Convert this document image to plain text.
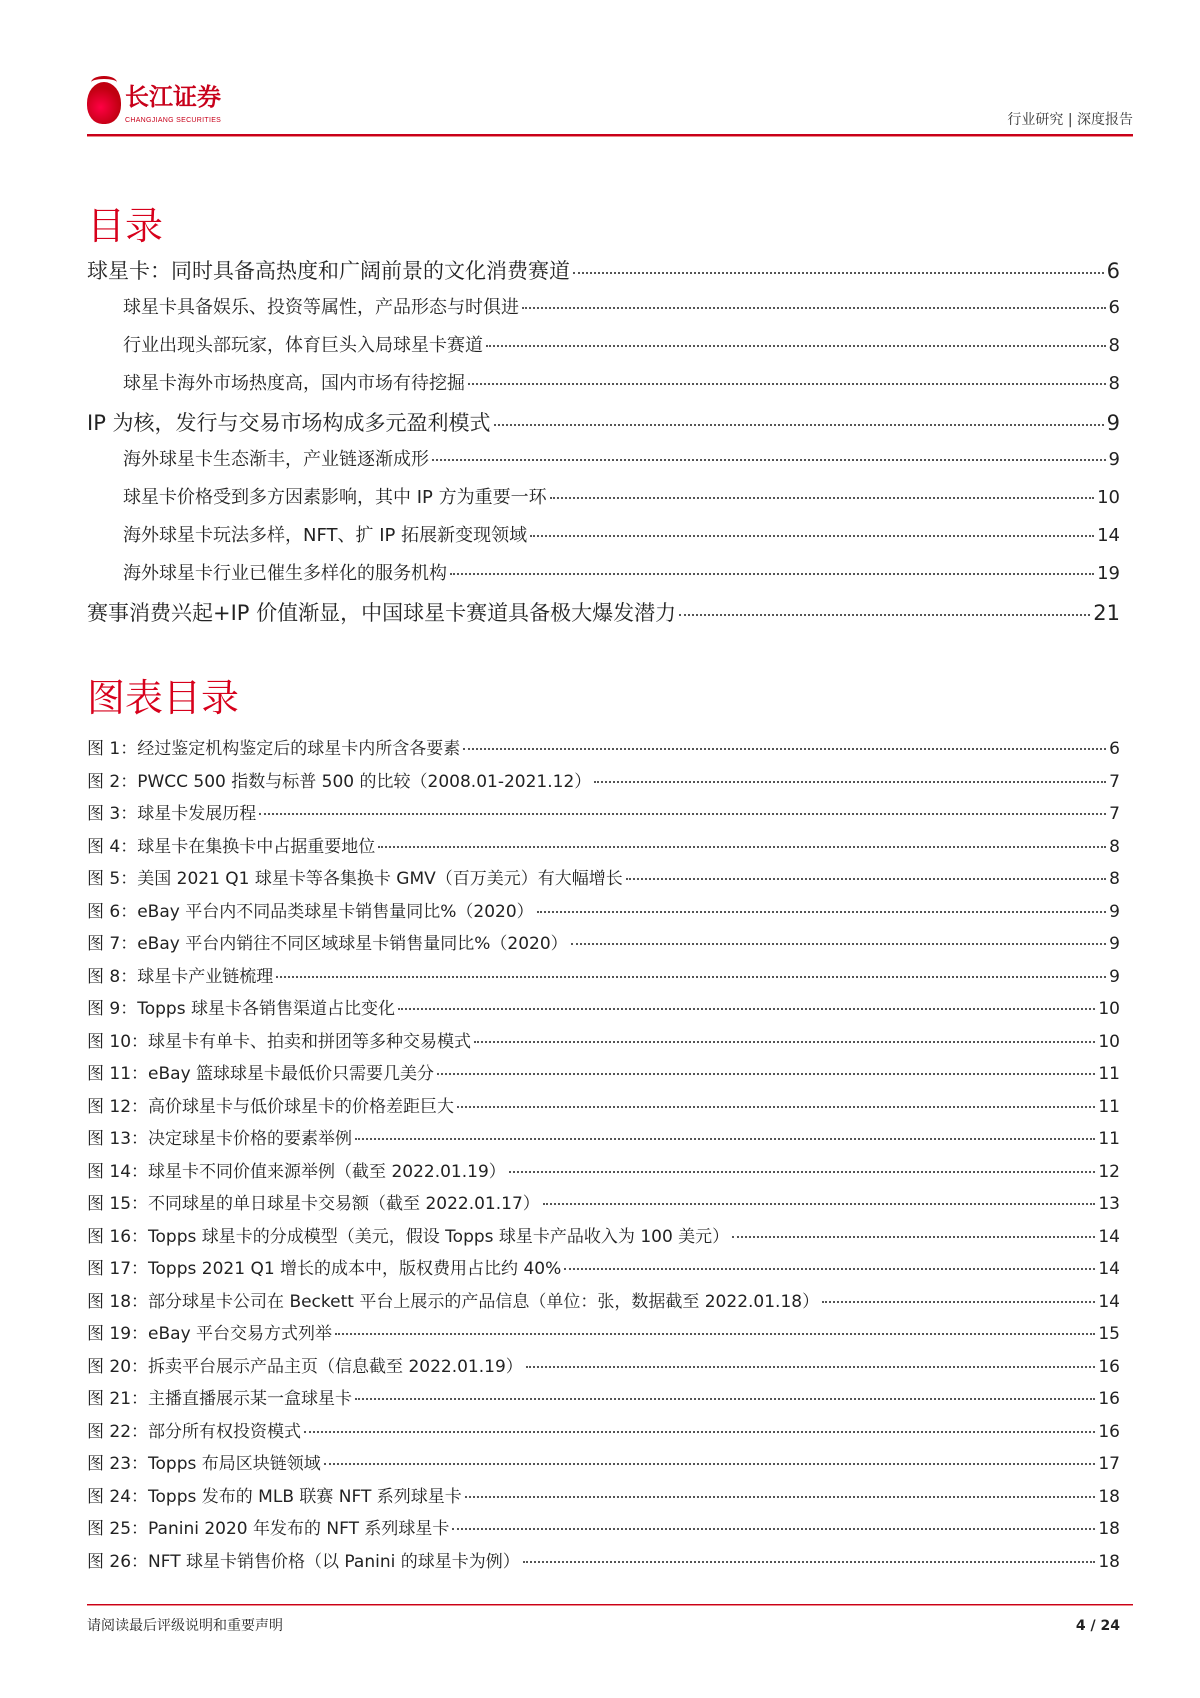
长江证券
CHANGJIANG SECURITIES	行业研究 | 深度报告
目录
球星卡：同时具备高热度和广阔前景的文化消费赛道	6
球星卡具备娱乐、投资等属性，产品形态与时俱进	6
行业出现头部玩家，体育巨头入局球星卡赛道	8
球星卡海外市场热度高，国内市场有待挖掘	8
IP 为核，发行与交易市场构成多元盈利模式	9
海外球星卡生态渐丰，产业链逐渐成形	9
球星卡价格受到多方因素影响，其中 IP 方为重要一环	10
海外球星卡玩法多样，NFT、扩 IP 拓展新变现领域	14
海外球星卡行业已催生多样化的服务机构	19
赛事消费兴起+IP 价值渐显，中国球星卡赛道具备极大爆发潜力	21
图表目录
图 1：经过鉴定机构鉴定后的球星卡内所含各要素	6
图 2：PWCC 500 指数与标普 500 的比较（2008.01-2021.12）	7
图 3：球星卡发展历程	7
图 4：球星卡在集换卡中占据重要地位	8
图 5：美国 2021 Q1 球星卡等各集换卡 GMV（百万美元）有大幅增长	8
图 6：eBay 平台内不同品类球星卡销售量同比%（2020）	9
图 7：eBay 平台内销往不同区域球星卡销售量同比%（2020）	9
图 8：球星卡产业链梳理	9
图 9：Topps 球星卡各销售渠道占比变化	10
图 10：球星卡有单卡、拍卖和拼团等多种交易模式	10
图 11：eBay 篮球球星卡最低价只需要几美分	11
图 12：高价球星卡与低价球星卡的价格差距巨大	11
图 13：决定球星卡价格的要素举例	11
图 14：球星卡不同价值来源举例（截至 2022.01.19）	12
图 15：不同球星的单日球星卡交易额（截至 2022.01.17）	13
图 16：Topps 球星卡的分成模型（美元，假设 Topps 球星卡产品收入为 100 美元）	14
图 17：Topps 2021 Q1 增长的成本中，版权费用占比约 40%	14
图 18：部分球星卡公司在 Beckett 平台上展示的产品信息（单位：张，数据截至 2022.01.18）	14
图 19：eBay 平台交易方式列举	15
图 20：拆卖平台展示产品主页（信息截至 2022.01.19）	16
图 21：主播直播展示某一盒球星卡	16
图 22：部分所有权投资模式	16
图 23：Topps 布局区块链领域	17
图 24：Topps 发布的 MLB 联赛 NFT 系列球星卡	18
图 25：Panini 2020 年发布的 NFT 系列球星卡	18
图 26：NFT 球星卡销售价格（以 Panini 的球星卡为例）	18
请阅读最后评级说明和重要声明	4 / 24
